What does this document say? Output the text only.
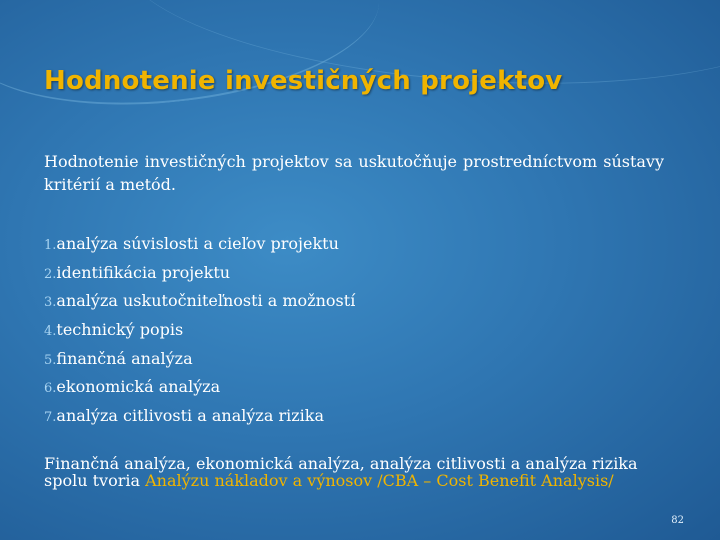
Hodnotenie investičných projektov

Hodnotenie investičných projektov sa uskutočňuje prostredníctvom sústavy kritérií a metód.

1.analýza súvislosti a cieľov projektu
2.identifikácia projektu
3.analýza uskutočniteľnosti a možností
4.technický popis
5.finančná analýza
6.ekonomická analýza
7.analýza citlivosti a analýza rizika

Finančná analýza, ekonomická analýza, analýza citlivosti a analýza rizika spolu tvoria Analýzu nákladov a výnosov /CBA – Cost Benefit Analysis/

82
